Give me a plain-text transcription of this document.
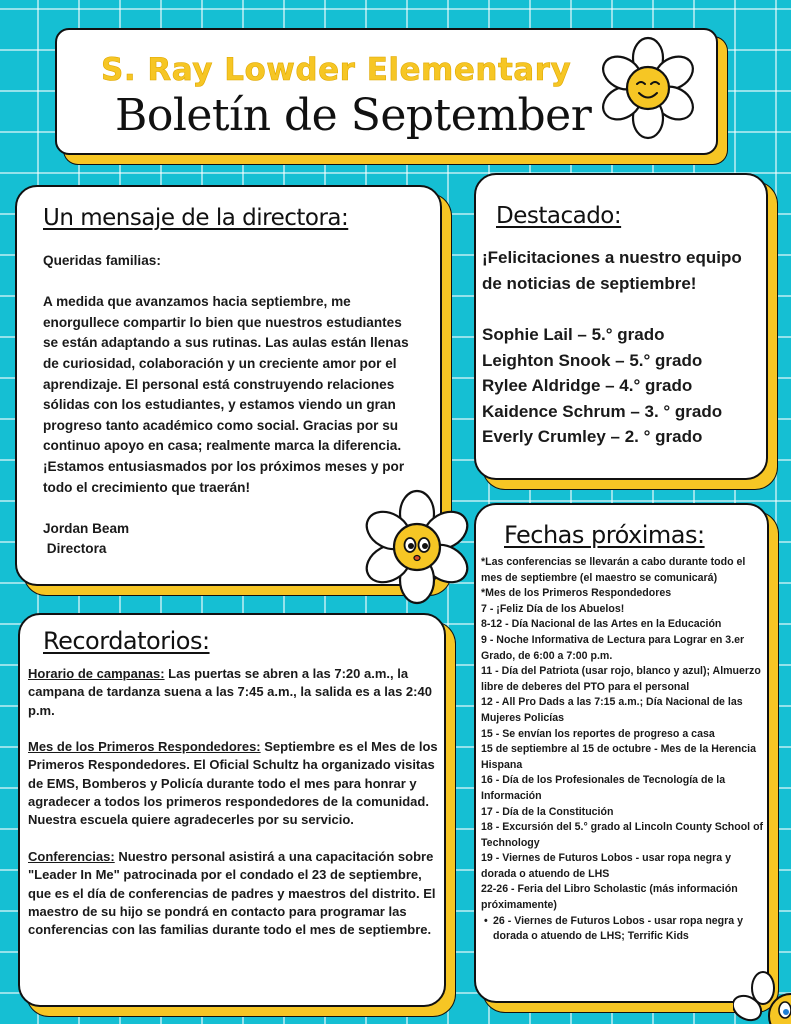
S. Ray Lowder Elementary
Boletín de September
Un mensaje de la directora:

Queridas familias:

A medida que avanzamos hacia septiembre, me enorgullece compartir lo bien que nuestros estudiantes se están adaptando a sus rutinas. Las aulas están llenas de curiosidad, colaboración y un creciente amor por el aprendizaje. El personal está construyendo relaciones sólidas con los estudiantes, y estamos viendo un gran progreso tanto académico como social. Gracias por su continuo apoyo en casa; realmente marca la diferencia. ¡Estamos entusiasmados por los próximos meses y por todo el crecimiento que traerán!

Jordan Beam

Directora

Destacado:
¡Felicitaciones a nuestro equipo de noticias de septiembre!
Sophie Lail – 5.° grado
Leighton Snook – 5.° grado
Rylee Aldridge – 4.° grado
Kaidence Schrum – 3. ° grado
Everly Crumley – 2. ° grado
Recordatorios:

Horario de campanas: Las puertas se abren a las 7:20 a.m., la campana de tardanza suena a las 7:45 a.m., la salida es a las 2:40 p.m.

Mes de los Primeros Respondedores: Septiembre es el Mes de los Primeros Respondedores. El Oficial Schultz ha organizado visitas de EMS, Bomberos y Policía durante todo el mes para honrar y agradecer a todos los primeros respondedores de la comunidad. Nuestra escuela quiere agradecerles por su servicio.

Conferencias: Nuestro personal asistirá a una capacitación sobre "Leader In Me" patrocinada por el condado el 23 de septiembre, que es el día de conferencias de padres y maestros del distrito. El maestro de su hijo se pondrá en contacto para programar las conferencias con las familias durante todo el mes de septiembre.

Fechas próximas:
*Las conferencias se llevarán a cabo durante todo el mes de septiembre (el maestro se comunicará)
*Mes de los Primeros Respondedores
7 - ¡Feliz Día de los Abuelos!
8-12 - Día Nacional de las Artes en la Educación
9 - Noche Informativa de Lectura para Lograr en 3.er Grado, de 6:00 a 7:00 p.m.
11 - Día del Patriota (usar rojo, blanco y azul); Almuerzo libre de deberes del PTO para el personal
12 - All Pro Dads a las 7:15 a.m.; Día Nacional de las Mujeres Policías
15 - Se envían los reportes de progreso a casa
15 de septiembre al 15 de octubre - Mes de la Herencia Hispana
16 - Día de los Profesionales de Tecnología de la Información
17 - Día de la Constitución
18 - Excursión del 5.° grado al Lincoln County School of Technology
19 - Viernes de Futuros Lobos - usar ropa negra y dorada o atuendo de LHS
22-26 - Feria del Libro Scholastic (más información próximamente)
• 26 - Viernes de Futuros Lobos - usar ropa negra y dorada o atuendo de LHS; Terrific Kids
